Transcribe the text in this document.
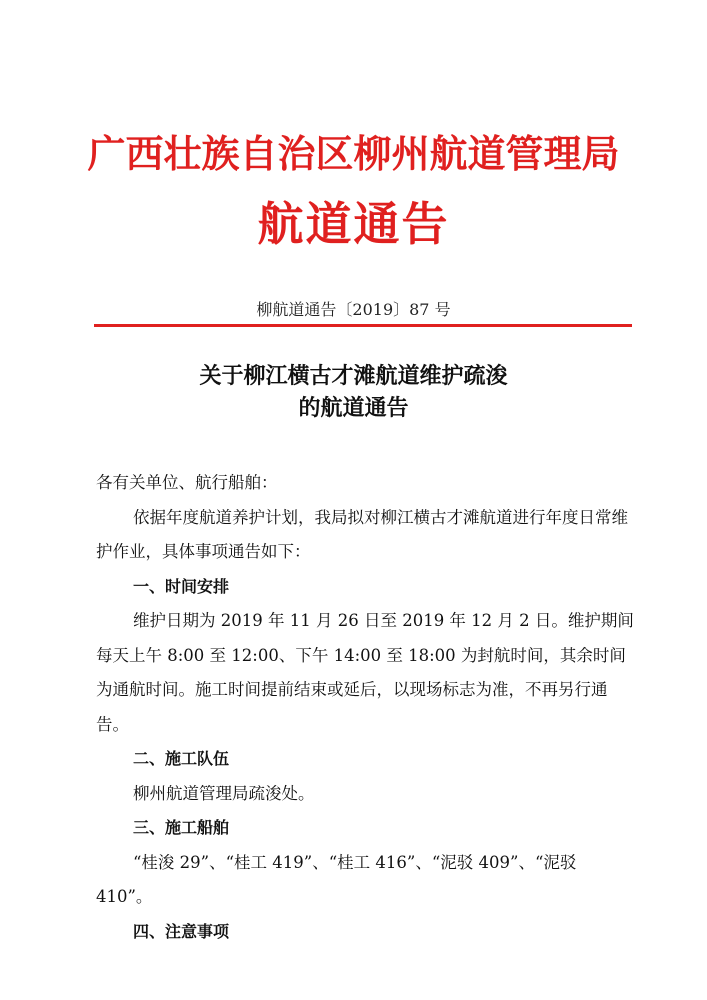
广西壮族自治区柳州航道管理局
航道通告
柳航道通告〔2019〕87 号
关于柳江横古才滩航道维护疏浚
的航道通告

各有关单位、航行船舶：

依据年度航道养护计划，我局拟对柳江横古才滩航道进行年度日常维护作业，具体事项通告如下：

一、时间安排

维护日期为 2019 年 11 月 26 日至 2019 年 12 月 2 日。维护期间每天上午 8:00 至 12:00、下午 14:00 至 18:00 为封航时间，其余时间为通航时间。施工时间提前结束或延后，以现场标志为准，不再另行通告。

二、施工队伍

柳州航道管理局疏浚处。

三、施工船舶

“桂浚 29”、“桂工 419”、“桂工 416”、“泥驳 409”、“泥驳 410”。

四、注意事项
